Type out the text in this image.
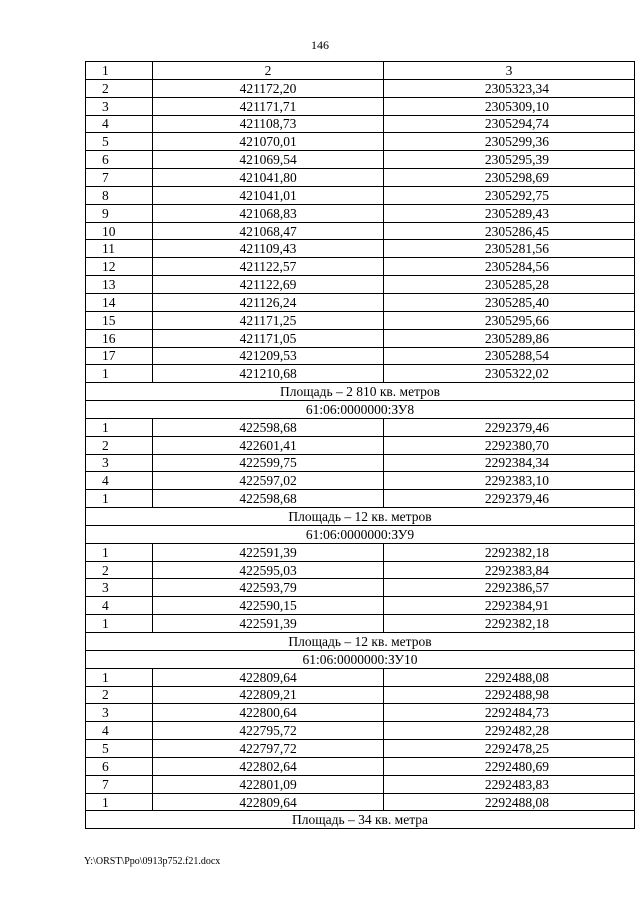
146
1	2	3
2	421172,20	2305323,34
3	421171,71	2305309,10
4	421108,73	2305294,74
5	421070,01	2305299,36
6	421069,54	2305295,39
7	421041,80	2305298,69
8	421041,01	2305292,75
9	421068,83	2305289,43
10	421068,47	2305286,45
11	421109,43	2305281,56
12	421122,57	2305284,56
13	421122,69	2305285,28
14	421126,24	2305285,40
15	421171,25	2305295,66
16	421171,05	2305289,86
17	421209,53	2305288,54
1	421210,68	2305322,02
Площадь – 2 810 кв. метров		
61:06:0000000:ЗУ8		
1	422598,68	2292379,46
2	422601,41	2292380,70
3	422599,75	2292384,34
4	422597,02	2292383,10
1	422598,68	2292379,46
Площадь – 12 кв. метров		
61:06:0000000:ЗУ9		
1	422591,39	2292382,18
2	422595,03	2292383,84
3	422593,79	2292386,57
4	422590,15	2292384,91
1	422591,39	2292382,18
Площадь – 12 кв. метров		
61:06:0000000:ЗУ10		
1	422809,64	2292488,08
2	422809,21	2292488,98
3	422800,64	2292484,73
4	422795,72	2292482,28
5	422797,72	2292478,25
6	422802,64	2292480,69
7	422801,09	2292483,83
1	422809,64	2292488,08
Площадь – 34 кв. метра		
Y:\ORST\Ppo\0913p752.f21.docx
